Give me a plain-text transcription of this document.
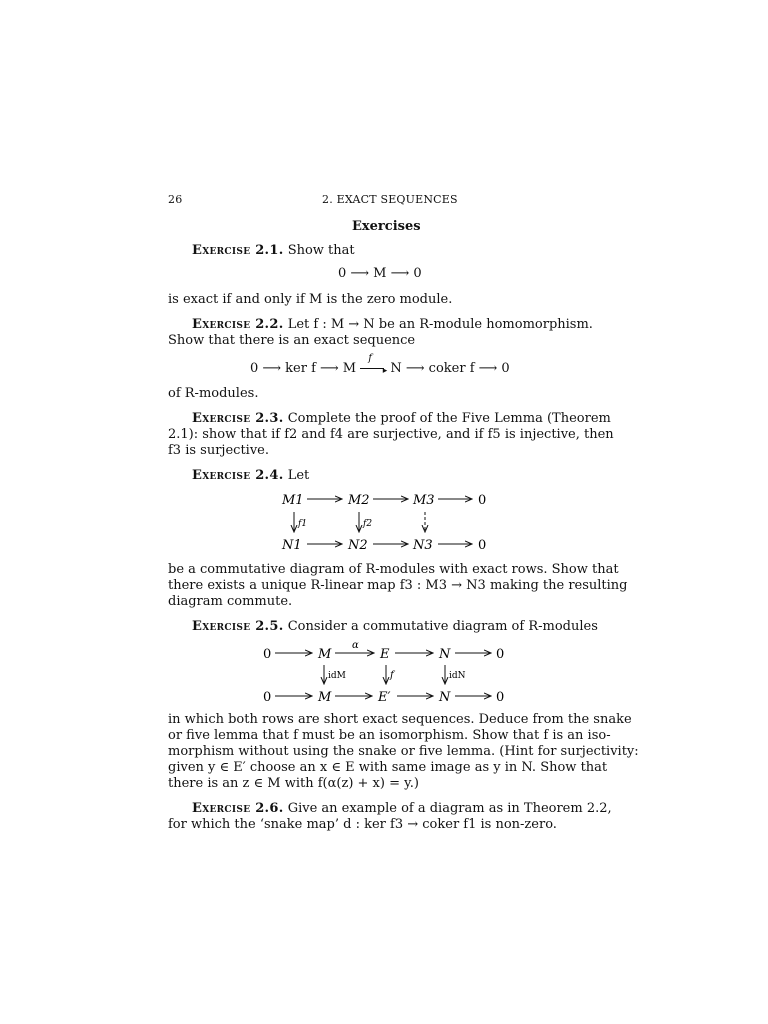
26	2. EXACT SEQUENCES
Exercises
Exercise 2.1. Show that
0 ⟶ M ⟶ 0
is exact if and only if M is the zero module.
Exercise 2.2. Let f : M → N be an R-module homomorphism.
Show that there is an exact sequence
0 ⟶ ker f ⟶ M
f
▸ N ⟶ coker f ⟶ 0
of R-modules.
Exercise 2.3. Complete the proof of the Five Lemma (Theorem
2.1): show that if f2 and f4 are surjective, and if f5 is injective, then
f3 is surjective.
Exercise 2.4. Let
M1	M2	M3	0
f1	f2
N1	N2	N3	0
be a commutative diagram of R-modules with exact rows. Show that
there exists a unique R-linear map f3 : M3 → N3 making the resulting
diagram commute.
Exercise 2.5. Consider a commutative diagram of R-modules
0	M	E	N	0
α
idM	f	idN
0	M	E′	N	0
in which both rows are short exact sequences. Deduce from the snake
or five lemma that f must be an isomorphism. Show that f is an iso-
morphism without using the snake or five lemma. (Hint for surjectivity:
given y ∈ E′ choose an x ∈ E with same image as y in N. Show that
there is an z ∈ M with f(α(z) + x) = y.)
Exercise 2.6. Give an example of a diagram as in Theorem 2.2,
for which the ‘snake map’ d : ker f3 → coker f1 is non-zero.
